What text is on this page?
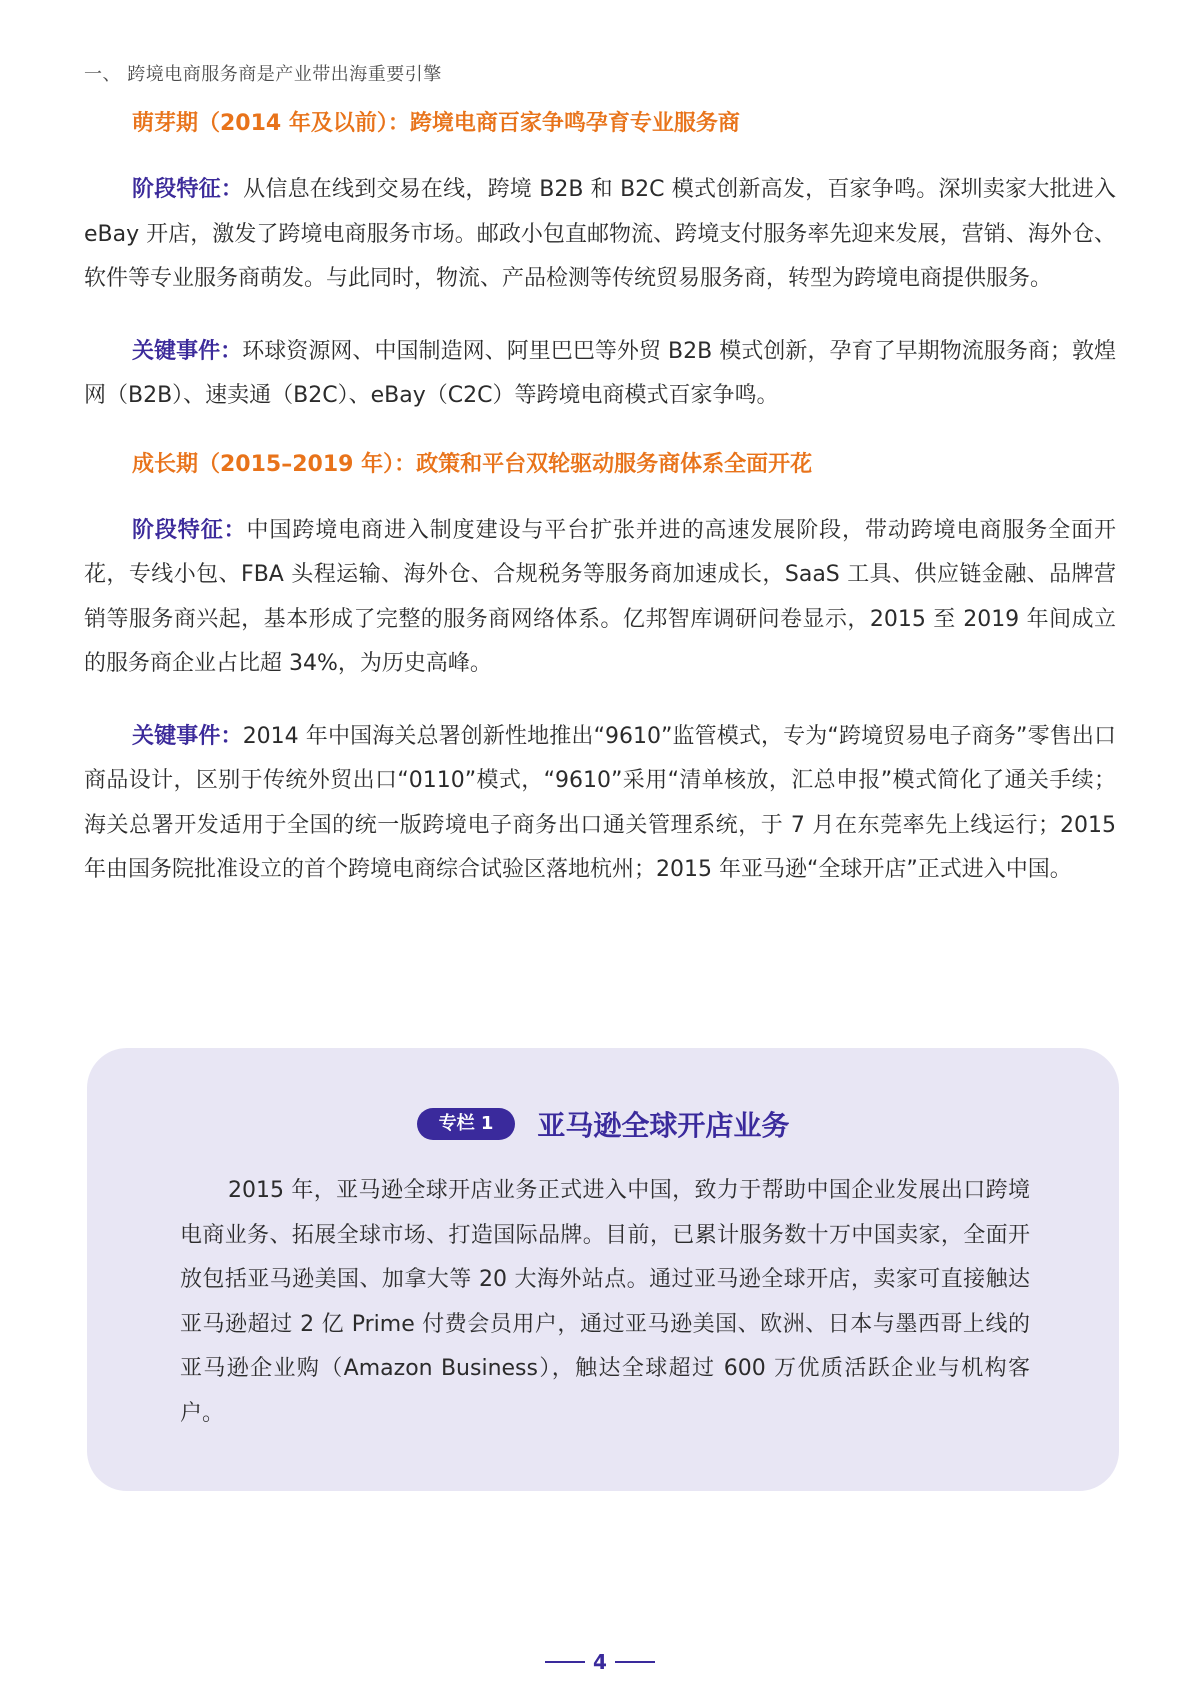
一、 跨境电商服务商是产业带出海重要引擎
萌芽期（2014 年及以前）：跨境电商百家争鸣孕育专业服务商

阶段特征：从信息在线到交易在线，跨境 B2B 和 B2C 模式创新高发，百家争鸣。深圳卖家大批进入 eBay 开店，激发了跨境电商服务市场。邮政小包直邮物流、跨境支付服务率先迎来发展，营销、海外仓、软件等专业服务商萌发。与此同时，物流、产品检测等传统贸易服务商，转型为跨境电商提供服务。

关键事件：环球资源网、中国制造网、阿里巴巴等外贸 B2B 模式创新，孕育了早期物流服务商；敦煌网（B2B）、速卖通（B2C）、eBay（C2C）等跨境电商模式百家争鸣。

成长期（2015–2019 年）：政策和平台双轮驱动服务商体系全面开花

阶段特征：中国跨境电商进入制度建设与平台扩张并进的高速发展阶段，带动跨境电商服务全面开花，专线小包、FBA 头程运输、海外仓、合规税务等服务商加速成长，SaaS 工具、供应链金融、品牌营销等服务商兴起，基本形成了完整的服务商网络体系。亿邦智库调研问卷显示，2015 至 2019 年间成立的服务商企业占比超 34%，为历史高峰。

关键事件：2014 年中国海关总署创新性地推出“9610”监管模式，专为“跨境贸易电子商务”零售出口商品设计，区别于传统外贸出口“0110”模式，“9610”采用“清单核放，汇总申报”模式简化了通关手续；海关总署开发适用于全国的统一版跨境电子商务出口通关管理系统，于 7 月在东莞率先上线运行；2015 年由国务院批准设立的首个跨境电商综合试验区落地杭州；2015 年亚马逊“全球开店”正式进入中国。

专栏 1	亚马逊全球开店业务

2015 年，亚马逊全球开店业务正式进入中国，致力于帮助中国企业发展出口跨境电商业务、拓展全球市场、打造国际品牌。目前，已累计服务数十万中国卖家，全面开放包括亚马逊美国、加拿大等 20 大海外站点。通过亚马逊全球开店，卖家可直接触达亚马逊超过 2 亿 Prime 付费会员用户，通过亚马逊美国、欧洲、日本与墨西哥上线的亚马逊企业购（Amazon Business），触达全球超过 600 万优质活跃企业与机构客户。

4
